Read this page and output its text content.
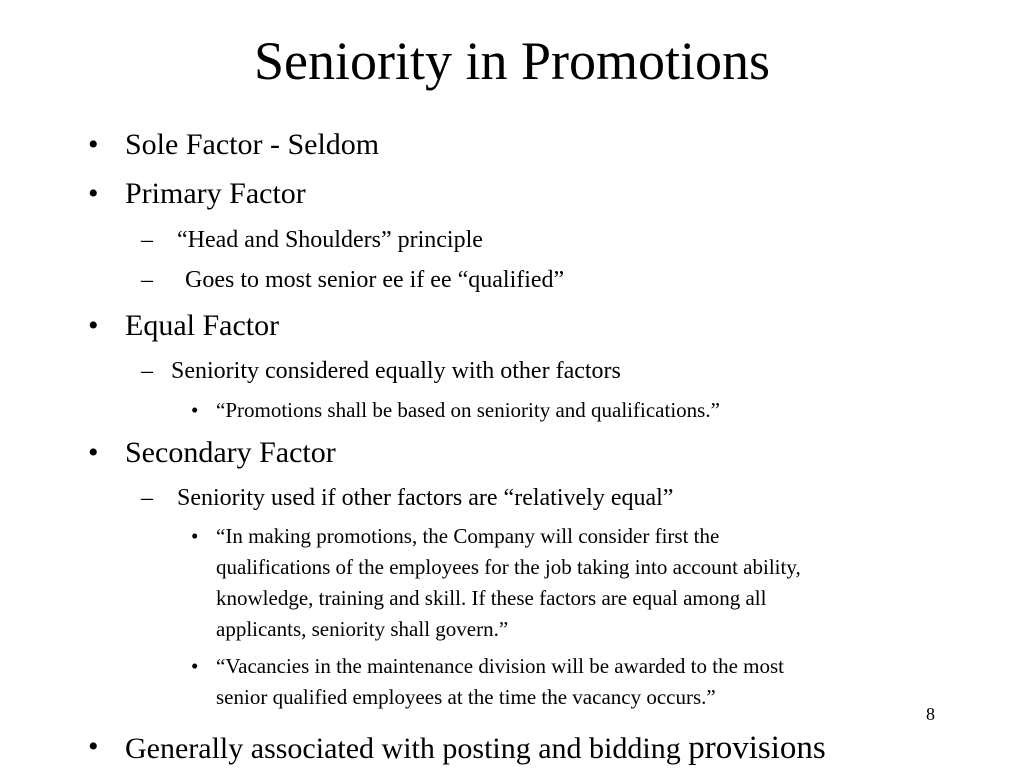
Seniority in Promotions
• Sole Factor - Seldom
• Primary Factor
– “Head and Shoulders” principle
– Goes to most senior ee if ee “qualified”
• Equal Factor
– Seniority considered equally with other factors
• “Promotions shall be based on seniority and qualifications.”
• Secondary Factor
– Seniority used if other factors are “relatively equal”
• “In making promotions, the Company will consider first the
qualifications of the employees for the job taking into account ability,
knowledge, training and skill. If these factors are equal among all
applicants, seniority shall govern.”
• “Vacancies in the maintenance division will be awarded to the most
senior qualified employees at the time the vacancy occurs.”
8
• Generally associated with posting and bidding provisions
